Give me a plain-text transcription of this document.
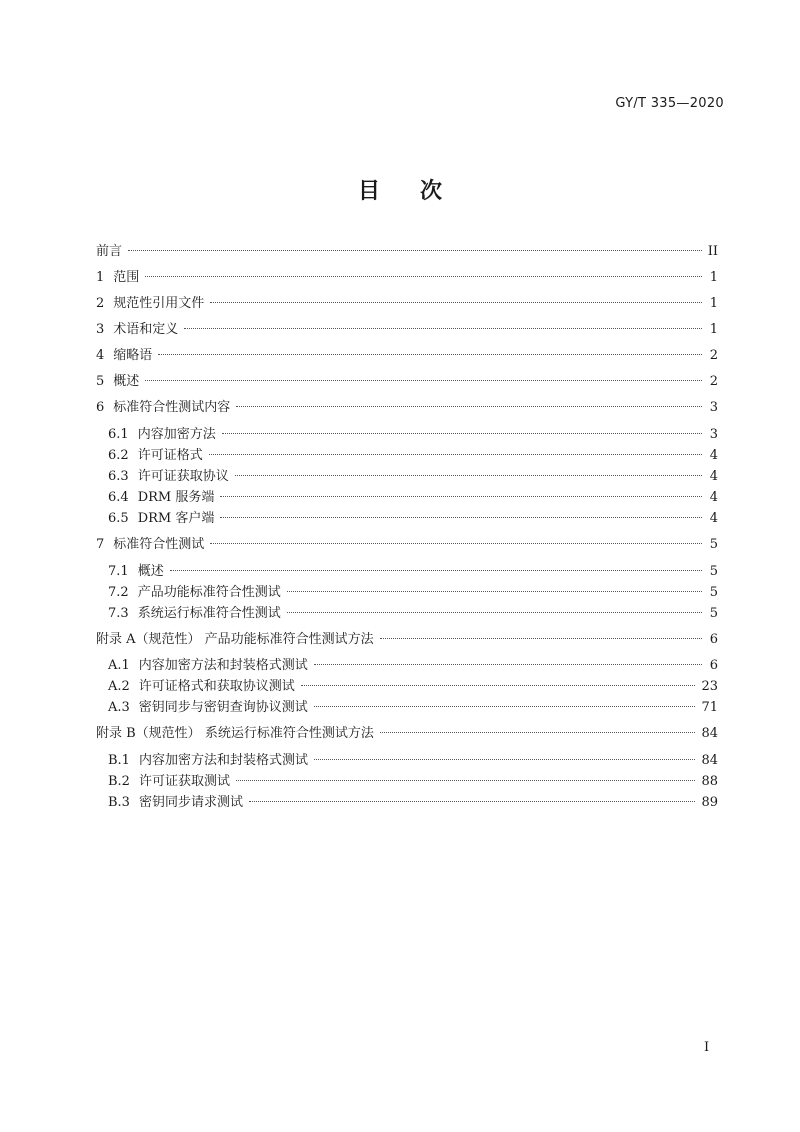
GY/T 335—2020
目 次
前言	II
1 范围	1
2 规范性引用文件	1
3 术语和定义	1
4 缩略语	2
5 概述	2
6 标准符合性测试内容	3
6.1 内容加密方法	3
6.2 许可证格式	4
6.3 许可证获取协议	4
6.4 DRM 服务端	4
6.5 DRM 客户端	4
7 标准符合性测试	5
7.1 概述	5
7.2 产品功能标准符合性测试	5
7.3 系统运行标准符合性测试	5
附录 A（规范性） 产品功能标准符合性测试方法	6
A.1 内容加密方法和封装格式测试	6
A.2 许可证格式和获取协议测试	23
A.3 密钥同步与密钥查询协议测试	71
附录 B（规范性） 系统运行标准符合性测试方法	84
B.1 内容加密方法和封装格式测试	84
B.2 许可证获取测试	88
B.3 密钥同步请求测试	89
I
